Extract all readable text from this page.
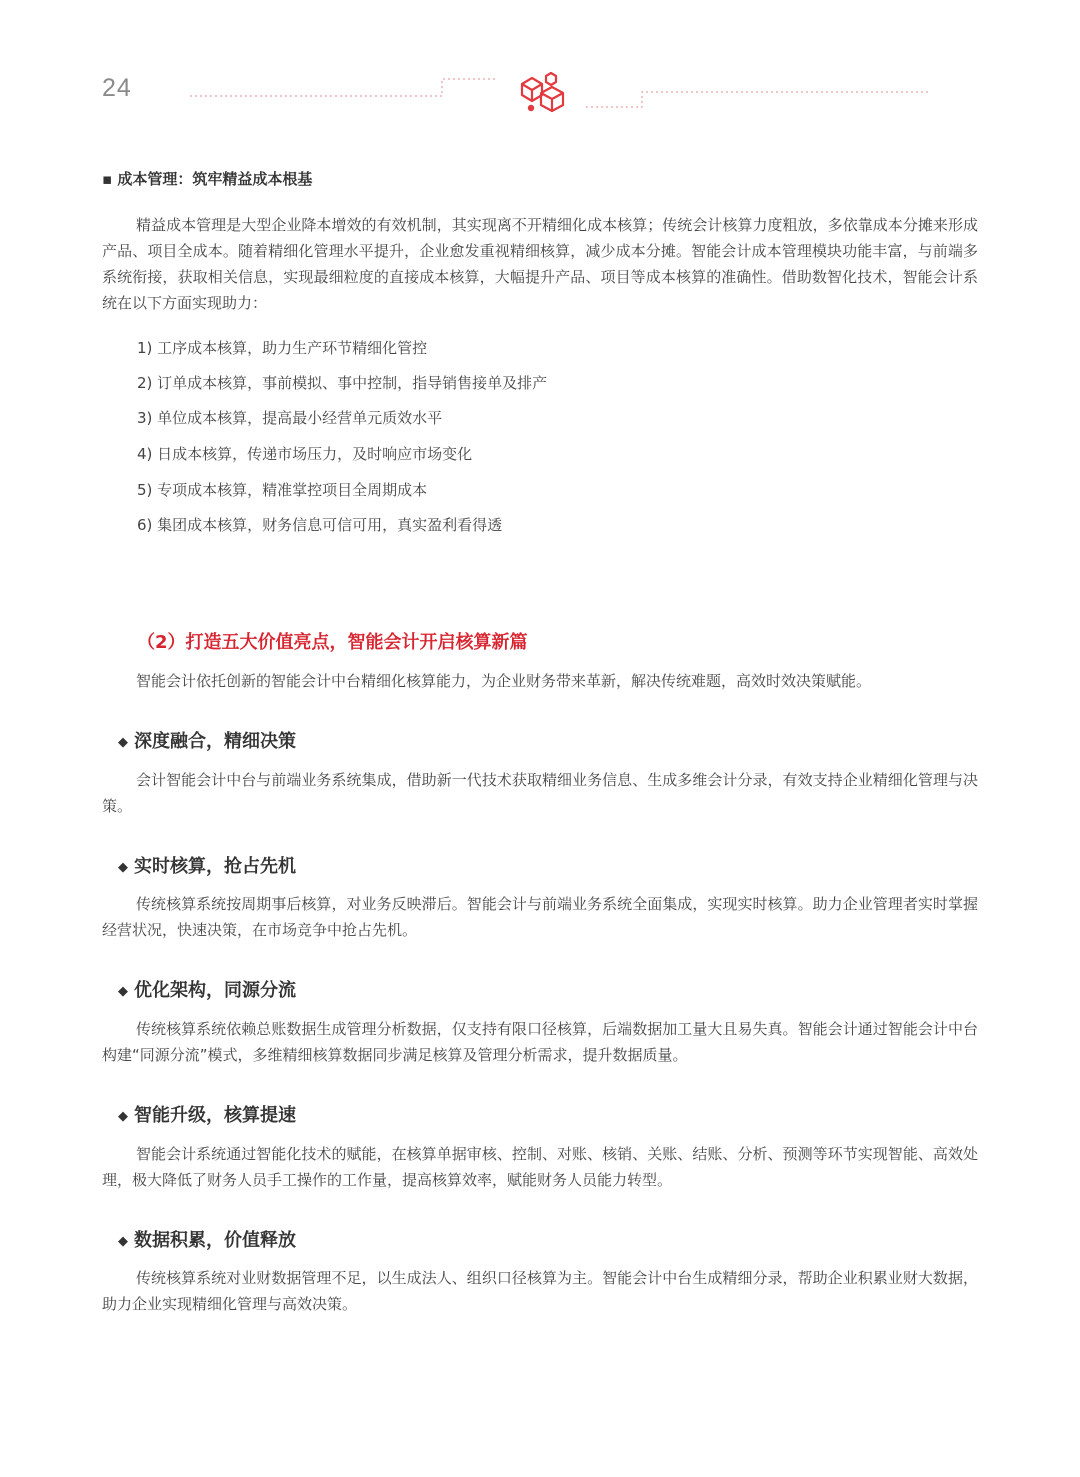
24
▪ 成本管理：筑牢精益成本根基

精益成本管理是大型企业降本增效的有效机制，其实现离不开精细化成本核算；传统会计核算力度粗放，多依靠成本分摊来形成产品、项目全成本。随着精细化管理水平提升，企业愈发重视精细核算，减少成本分摊。智能会计成本管理模块功能丰富，与前端多系统衔接，获取相关信息，实现最细粒度的直接成本核算，大幅提升产品、项目等成本核算的准确性。借助数智化技术，智能会计系统在以下方面实现助力：

1) 工序成本核算，助力生产环节精细化管控
2) 订单成本核算，事前模拟、事中控制，指导销售接单及排产
3) 单位成本核算，提高最小经营单元质效水平
4) 日成本核算，传递市场压力，及时响应市场变化
5) 专项成本核算，精准掌控项目全周期成本
6) 集团成本核算，财务信息可信可用，真实盈利看得透
（2）打造五大价值亮点，智能会计开启核算新篇

智能会计依托创新的智能会计中台精细化核算能力，为企业财务带来革新，解决传统难题，高效时效决策赋能。

◆ 深度融合，精细决策

会计智能会计中台与前端业务系统集成，借助新一代技术获取精细业务信息、生成多维会计分录，有效支持企业精细化管理与决策。

◆ 实时核算，抢占先机

传统核算系统按周期事后核算，对业务反映滞后。智能会计与前端业务系统全面集成，实现实时核算。助力企业管理者实时掌握经营状况，快速决策，在市场竞争中抢占先机。

◆ 优化架构，同源分流

传统核算系统依赖总账数据生成管理分析数据，仅支持有限口径核算，后端数据加工量大且易失真。智能会计通过智能会计中台构建“同源分流”模式，多维精细核算数据同步满足核算及管理分析需求，提升数据质量。

◆ 智能升级，核算提速

智能会计系统通过智能化技术的赋能，在核算单据审核、控制、对账、核销、关账、结账、分析、预测等环节实现智能、高效处理，极大降低了财务人员手工操作的工作量，提高核算效率，赋能财务人员能力转型。

◆ 数据积累，价值释放

传统核算系统对业财数据管理不足，以生成法人、组织口径核算为主。智能会计中台生成精细分录，帮助企业积累业财大数据，助力企业实现精细化管理与高效决策。
